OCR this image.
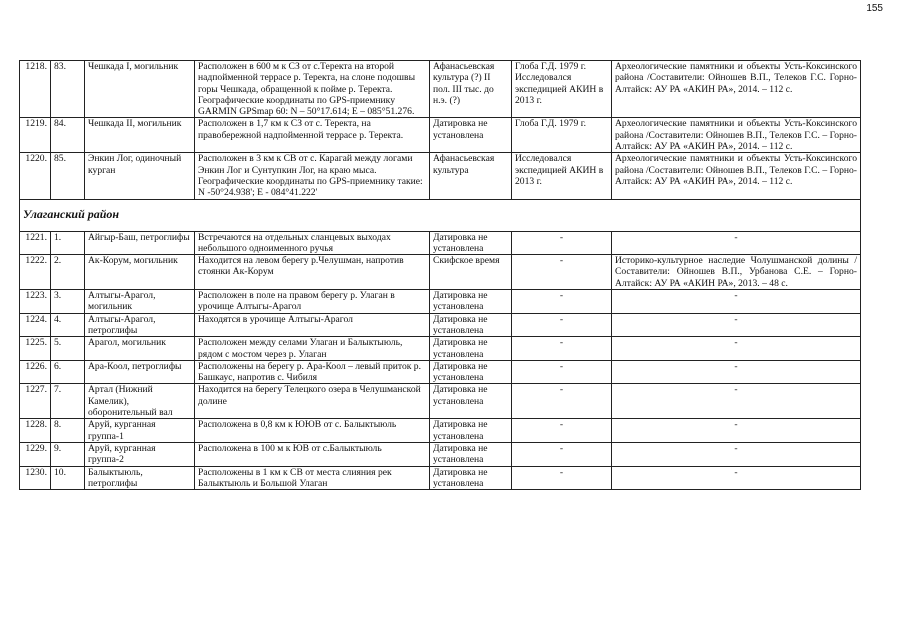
155
1218.	83.	Чешкада I, могильник	Расположен в 600 м к СЗ от с.Теректа на второй надпойменной террасе р. Теректа, на слоне подошвы горы Чешкада, обращенной к пойме р. Теректа. Географические координаты по GPS-приемнику GARMIN GPSmap 60: N – 50°17.614; E – 085°51.276.	Афанасьевская культура (?) II пол. III тыс. до н.э. (?)	Глоба Г.Д. 1979 г. Исследовался экспедицией АКИН в 2013 г.	Археологические памятники и объекты Усть-Коксинского района /Составители: Ойношев В.П., Телеков Г.С. Горно-Алтайск: АУ РА «АКИН РА», 2014. – 112 с.
1219.	84.	Чешкада II, могильник	Расположен в 1,7 км к СЗ от с. Теректа, на правобережной надпойменной террасе р. Теректа.	Датировка не установлена	Глоба Г.Д. 1979 г.	Археологические памятники и объекты Усть-Коксинского района /Составители: Ойношев В.П., Телеков Г.С. – Горно-Алтайск: АУ РА «АКИН РА», 2014. – 112 с.
1220.	85.	Энкин Лог, одиночный курган	Расположен в 3 км к СВ от с. Карагай между логами Энкин Лог и Сунтупкин Лог, на краю мыса. Географические координаты по GPS-приемнику такие: N -50°24.938'; E - 084°41.222'	Афанасьевская культура	Исследовался экспедицией АКИН в 2013 г.	Археологические памятники и объекты Усть-Коксинского района /Составители: Ойношев В.П., Телеков Г.С. – Горно-Алтайск: АУ РА «АКИН РА», 2014. – 112 с.
Улаганский район						
1221.	1.	Айгыр-Баш, петроглифы	Встречаются на отдельных сланцевых выходах небольшого одноименного ручья	Датировка не установлена	-	-
1222.	2.	Ак-Корум, могильник	Находится на левом берегу р.Челушман, напротив стоянки Ак-Корум	Скифское время	-	Историко-культурное наследие Чолушманской долины / Составители: Ойношев В.П., Урбанова С.Е. – Горно-Алтайск: АУ РА «АКИН РА», 2013. – 48 с.
1223.	3.	Алтыгы-Арагол, могильник	Расположен в поле на правом берегу р. Улаган в урочище Алтыгы-Арагол	Датировка не установлена	-	-
1224.	4.	Алтыгы-Арагол, петроглифы	Находятся в урочище Алтыгы-Арагол	Датировка не установлена	-	-
1225.	5.	Арагол, могильник	Расположен между селами Улаган и Балыктыюль, рядом с мостом через р. Улаган	Датировка не установлена	-	-
1226.	6.	Ара-Коол, петроглифы	Расположены на берегу р. Ара-Коол – левый приток р. Башкаус, напротив с. Чибиля	Датировка не установлена	-	-
1227.	7.	Артал (Нижний Камелик), оборонительный вал	Находится на берегу Телецкого озера в Челушманской долине	Датировка не установлена	-	-
1228.	8.	Аруй, курганная группа-1	Расположена в 0,8 км к ЮЮВ от с. Балыктыюль	Датировка не установлена	-	-
1229.	9.	Аруй, курганная группа-2	Расположена в 100 м к ЮВ от с.Балыктыюль	Датировка не установлена	-	-
1230.	10.	Балыктыюль, петроглифы	Расположены в 1 км к СВ от места слияния рек Балыктыюль и Большой Улаган	Датировка не установлена	-	-
